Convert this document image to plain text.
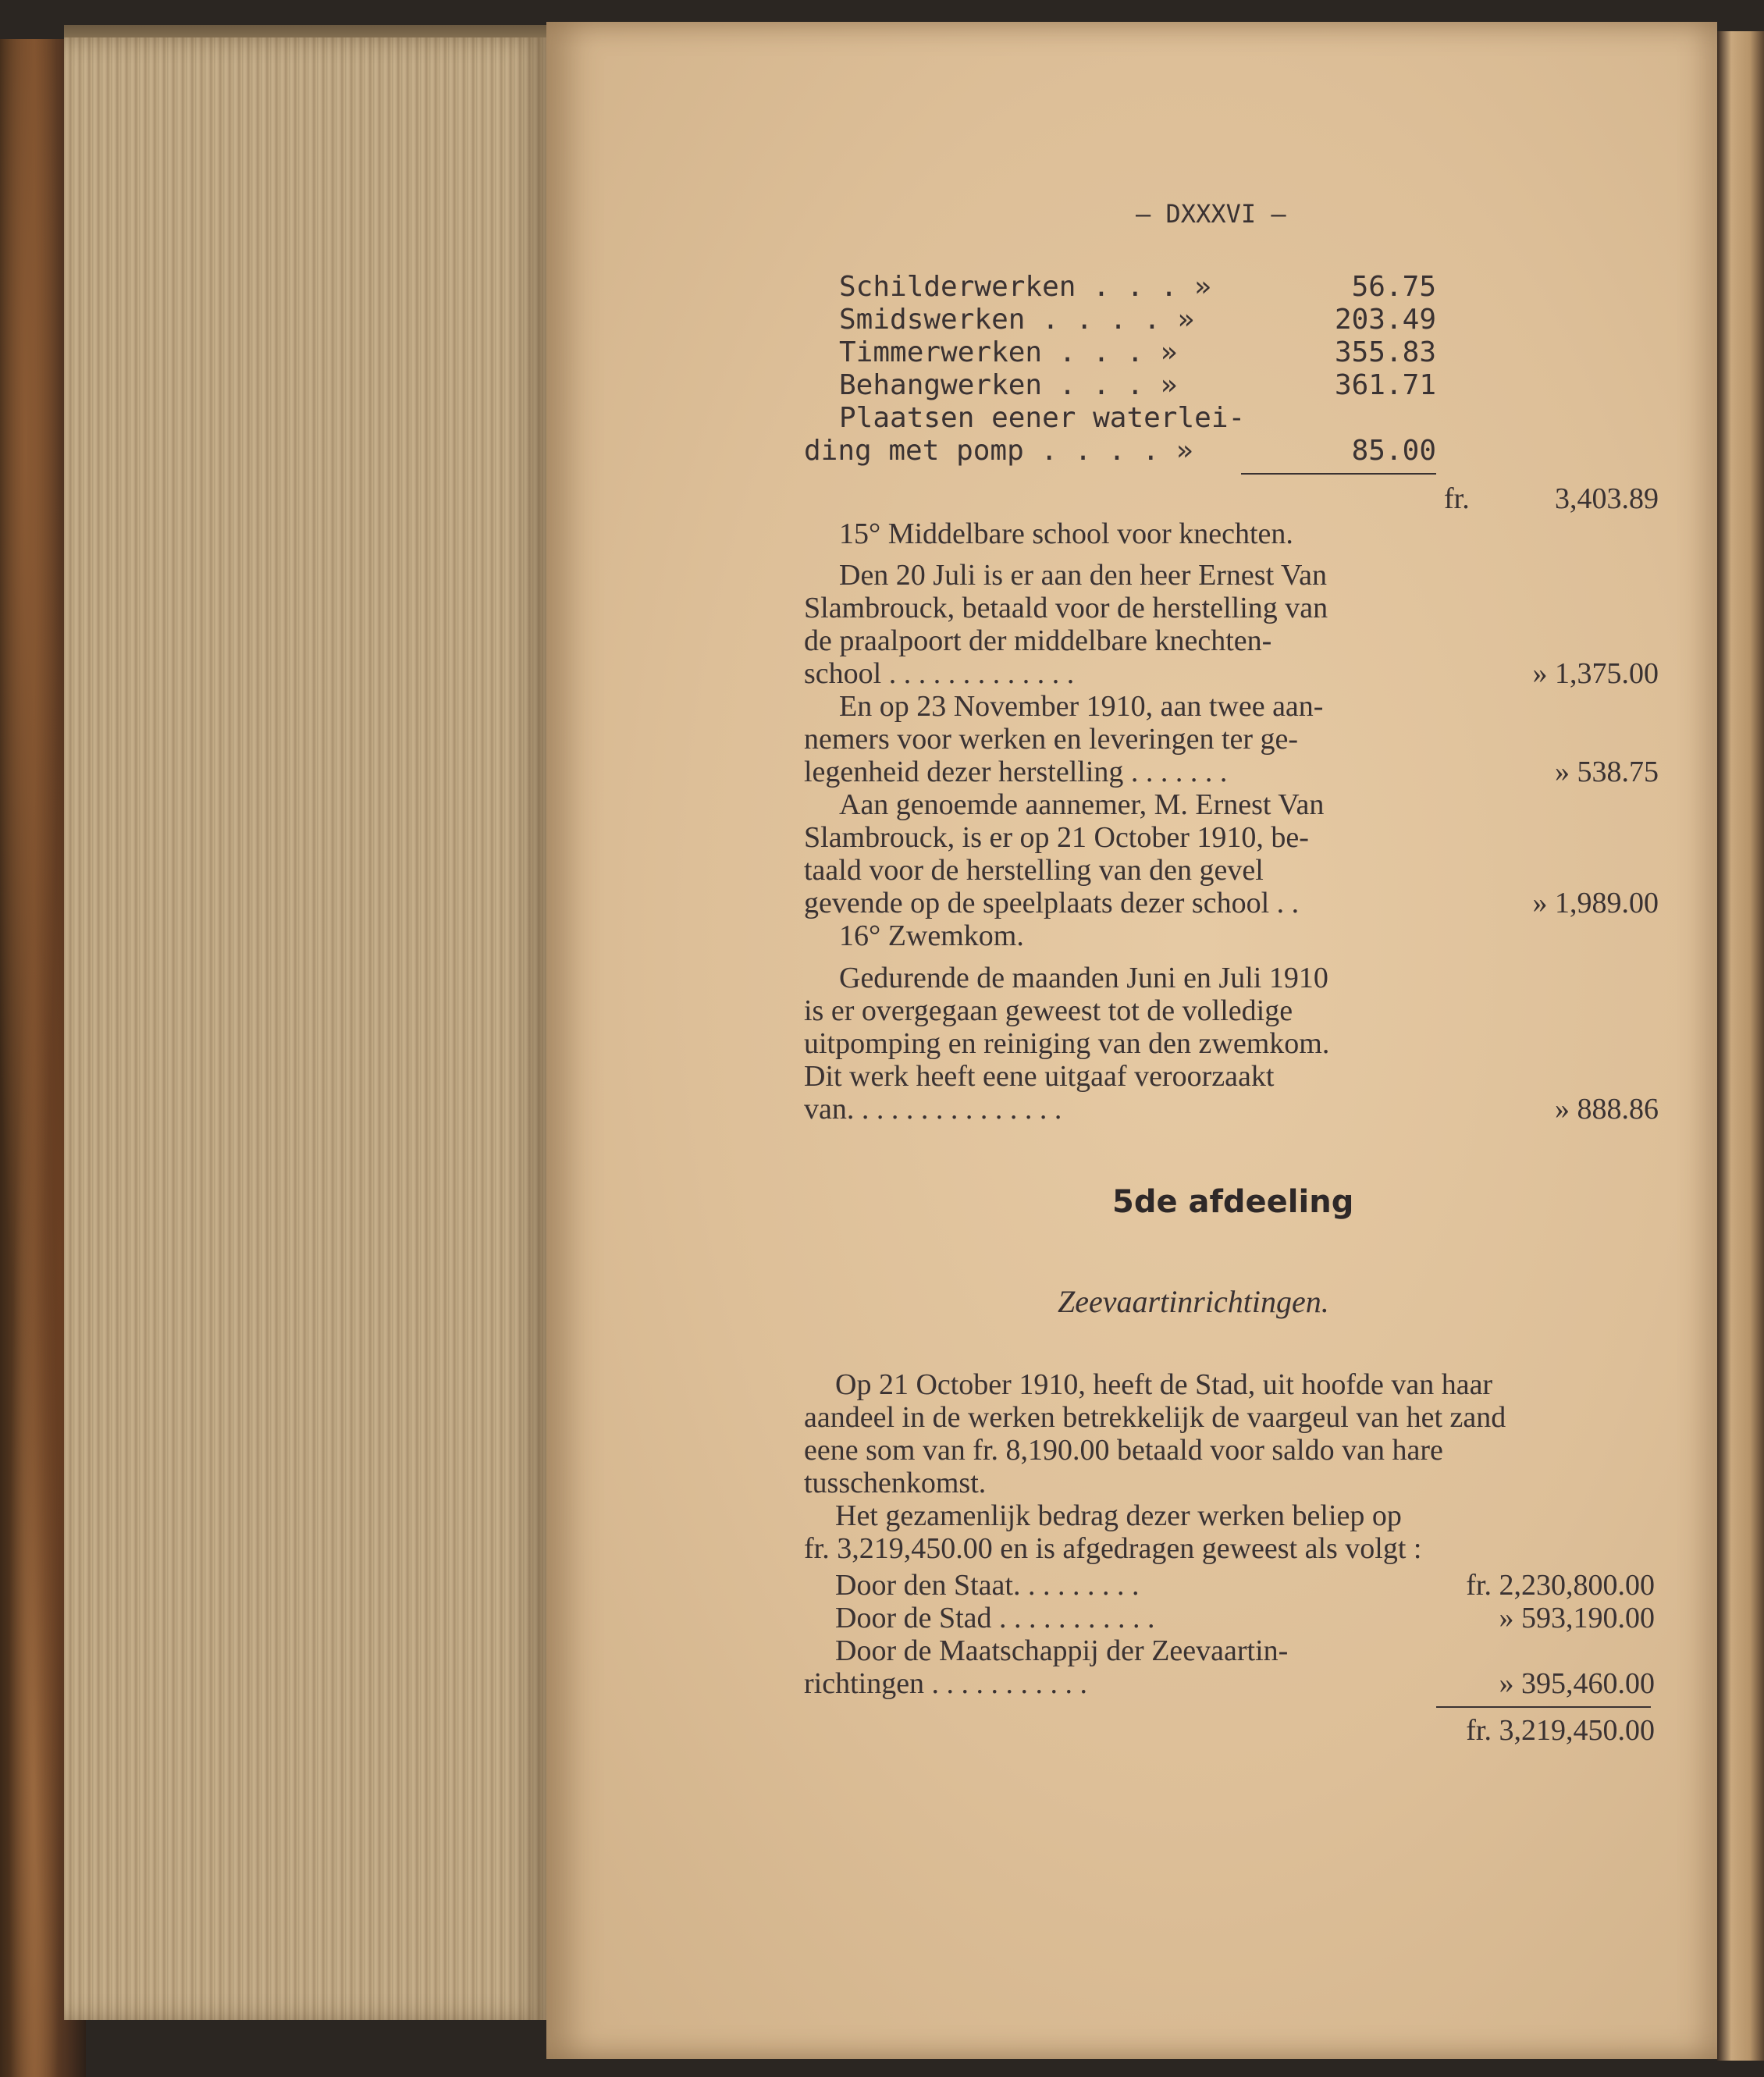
— DXXXVI —
Schilderwerken . . . »	56.75
Smidswerken . . . . »	203.49
Timmerwerken . . . »	355.83
Behangwerken . . . »	361.71
Plaatsen eener waterlei-
ding met pomp . . . . »	85.00
fr.	3,403.89
15° Middelbare school voor knechten.
Den 20 Juli is er aan den heer Ernest Van
Slambrouck, betaald voor de herstelling van
de praalpoort der middelbare knechten-
school . . . . . . . . . . . . .	» 1,375.00
En op 23 November 1910, aan twee aan-
nemers voor werken en leveringen ter ge-
legenheid dezer herstelling . . . . . . .	» 538.75
Aan genoemde aannemer, M. Ernest Van
Slambrouck, is er op 21 October 1910, be-
taald voor de herstelling van den gevel
gevende op de speelplaats dezer school . .	» 1,989.00
16° Zwemkom.
Gedurende de maanden Juni en Juli 1910
is er overgegaan geweest tot de volledige
uitpomping en reiniging van den zwemkom.
Dit werk heeft eene uitgaaf veroorzaakt
van. . . . . . . . . . . . . . .	» 888.86
5de afdeeling
Zeevaartinrichtingen.
Op 21 October 1910, heeft de Stad, uit hoofde van haar
aandeel in de werken betrekkelijk de vaargeul van het zand
eene som van fr. 8,190.00 betaald voor saldo van hare
tusschenkomst.
Het gezamenlijk bedrag dezer werken beliep op
fr. 3,219,450.00 en is afgedragen geweest als volgt :
Door den Staat. . . . . . . . .	fr. 2,230,800.00
Door de Stad . . . . . . . . . . .	» 593,190.00
Door de Maatschappij der Zeevaartin-
richtingen . . . . . . . . . . .	» 395,460.00
fr. 3,219,450.00
